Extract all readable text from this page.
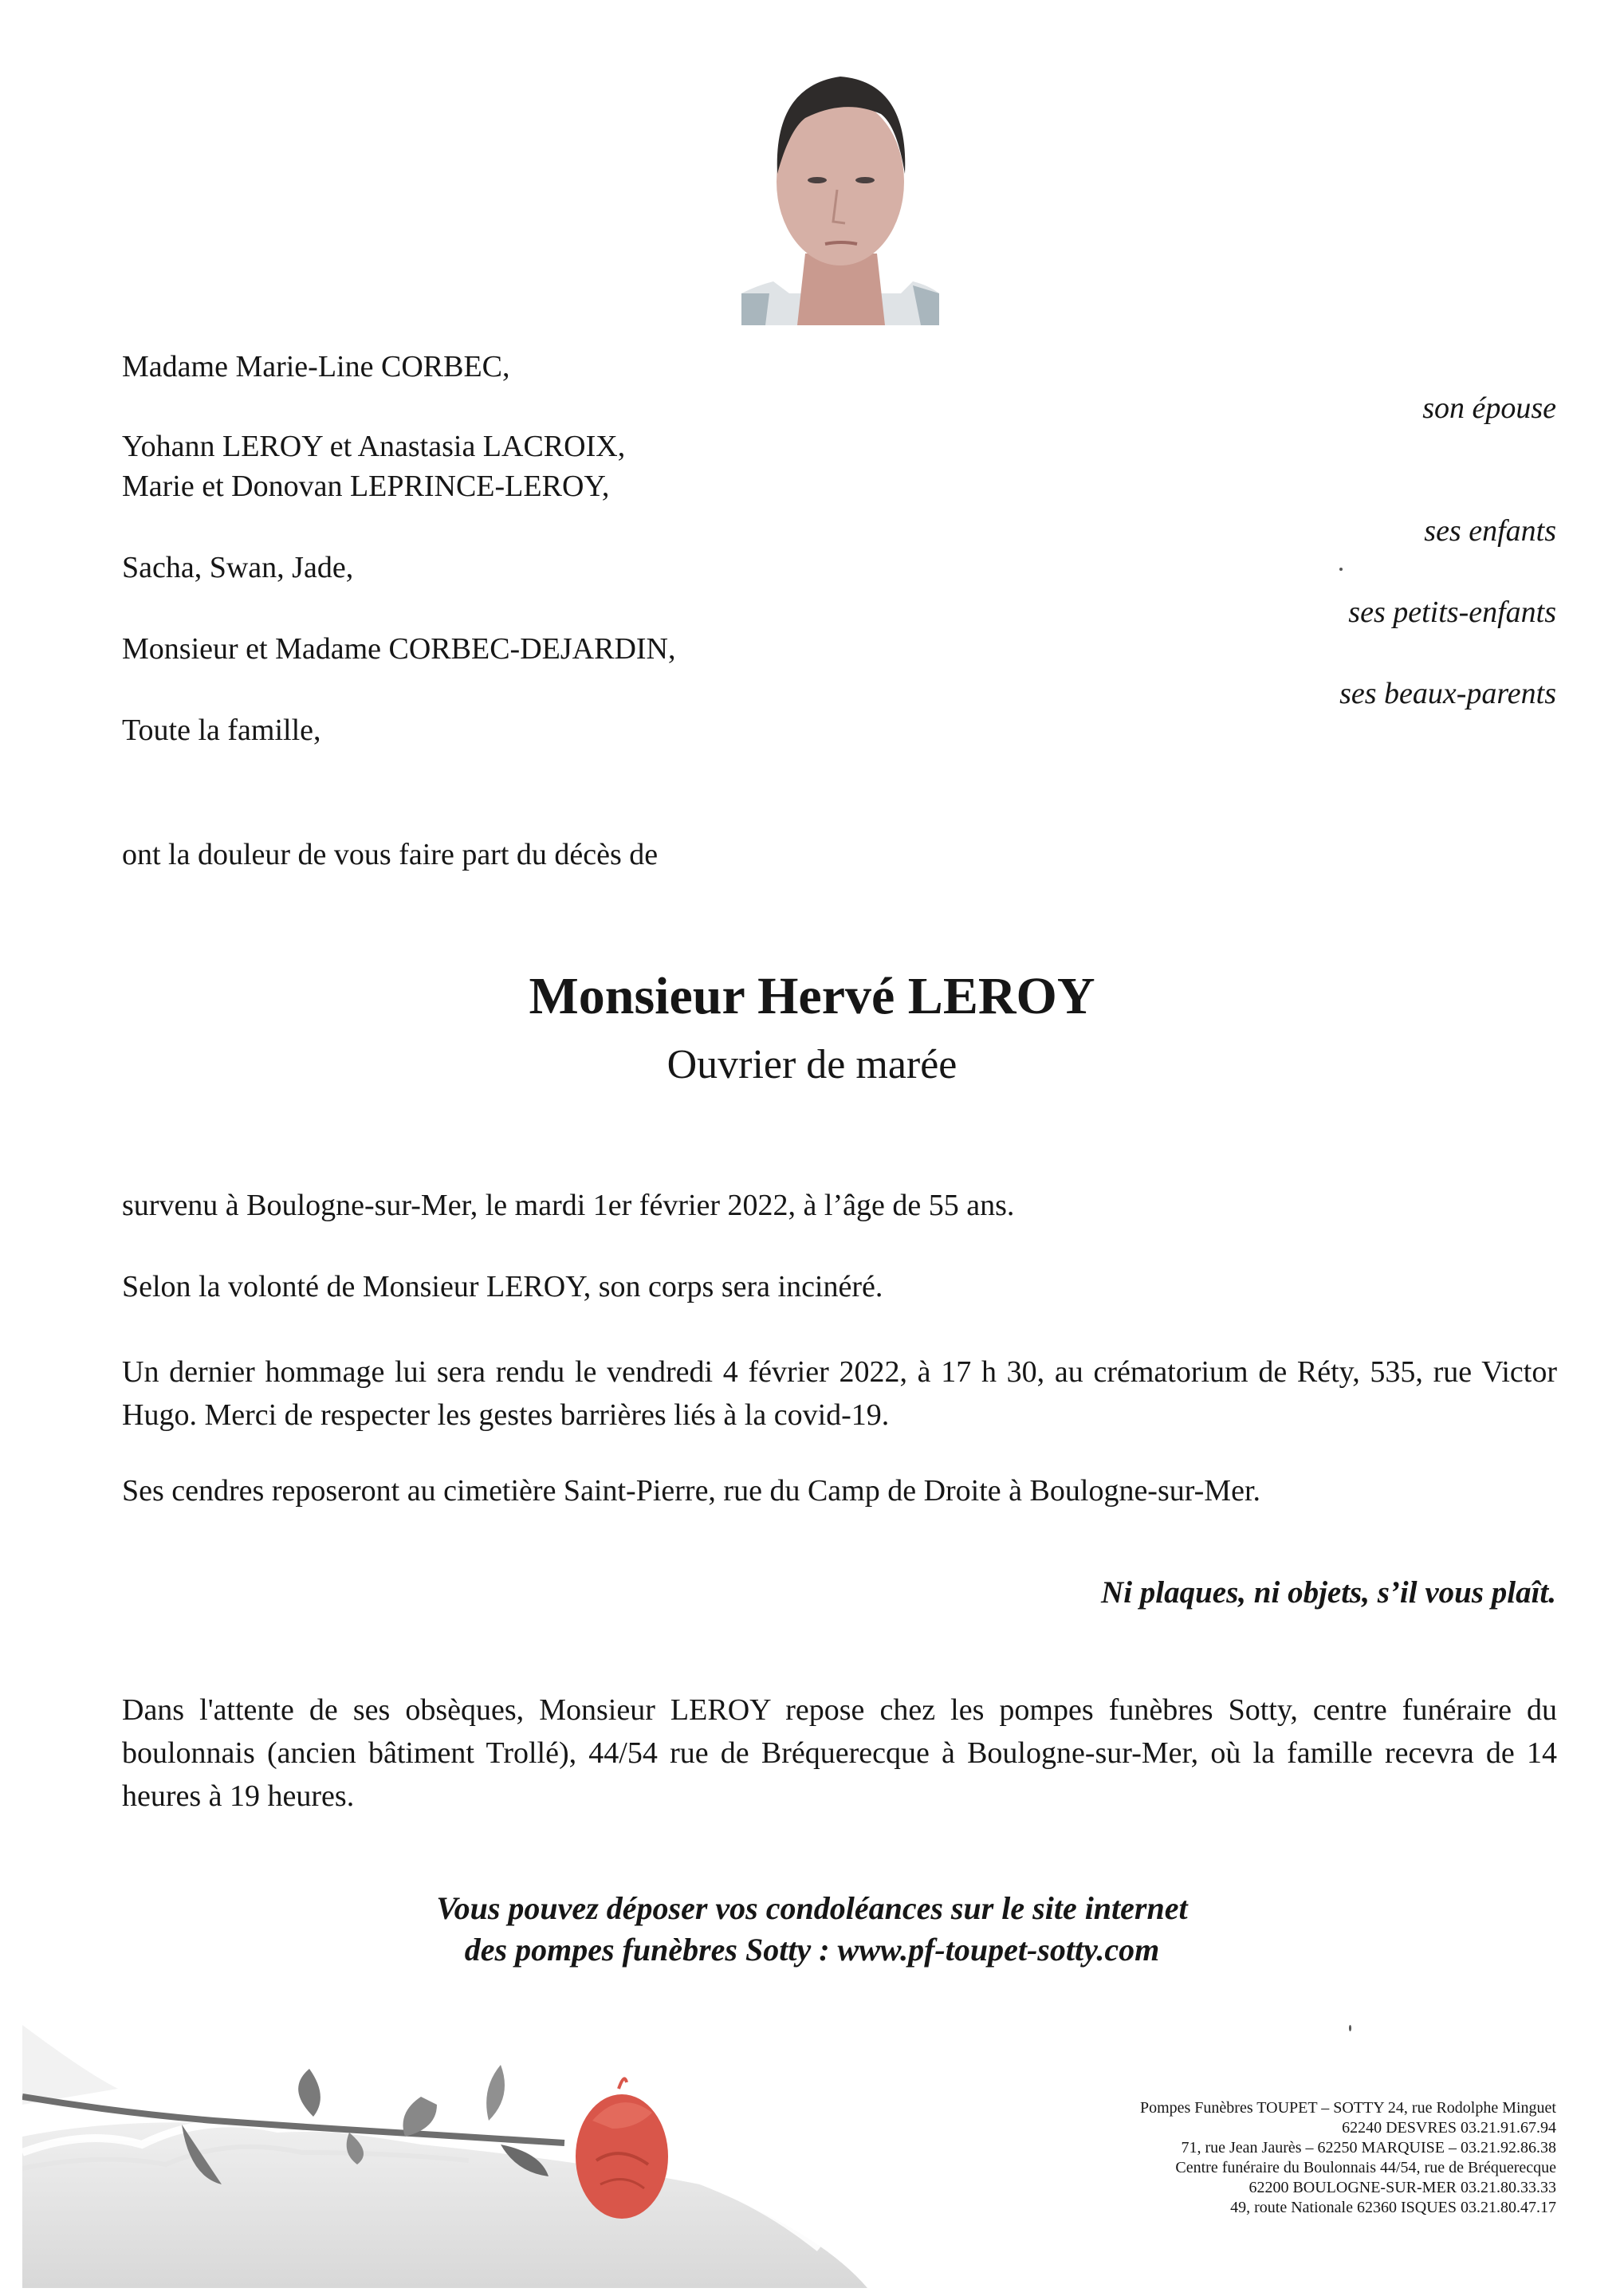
Madame Marie-Line CORBEC,
Yohann LEROY et Anastasia LACROIX,
Marie et Donovan LEPRINCE-LEROY,
Sacha, Swan, Jade,
Monsieur et Madame CORBEC-DEJARDIN,
Toute la famille,
son épouse
ses enfants
ses petits-enfants
ses beaux-parents
ont la douleur de vous faire part du décès de
Monsieur Hervé LEROY
Ouvrier de marée
survenu à Boulogne-sur-Mer, le mardi 1er février 2022, à l’âge de 55 ans.
Selon la volonté de Monsieur LEROY, son corps sera incinéré.
Un dernier hommage lui sera rendu le vendredi 4 février 2022, à 17 h 30, au crématorium de Réty, 535, rue Victor Hugo. Merci de respecter les gestes barrières liés à la covid-19.
Ses cendres reposeront au cimetière Saint-Pierre, rue du Camp de Droite à Boulogne-sur-Mer.
Ni plaques, ni objets, s’il vous plaît.
Dans l'attente de ses obsèques, Monsieur LEROY repose chez les pompes funèbres Sotty, centre funéraire du boulonnais (ancien bâtiment Trollé), 44/54 rue de Bréquerecque à Boulogne-sur-Mer, où la famille recevra de 14 heures à 19 heures.
Vous pouvez déposer vos condoléances sur le site internet
des pompes funèbres Sotty : www.pf-toupet-sotty.com
Pompes Funèbres TOUPET – SOTTY 24, rue Rodolphe Minguet
62240 DESVRES 03.21.91.67.94
71, rue Jean Jaurès – 62250 MARQUISE – 03.21.92.86.38
Centre funéraire du Boulonnais 44/54, rue de Bréquerecque
62200 BOULOGNE-SUR-MER 03.21.80.33.33
49, route Nationale 62360 ISQUES 03.21.80.47.17
